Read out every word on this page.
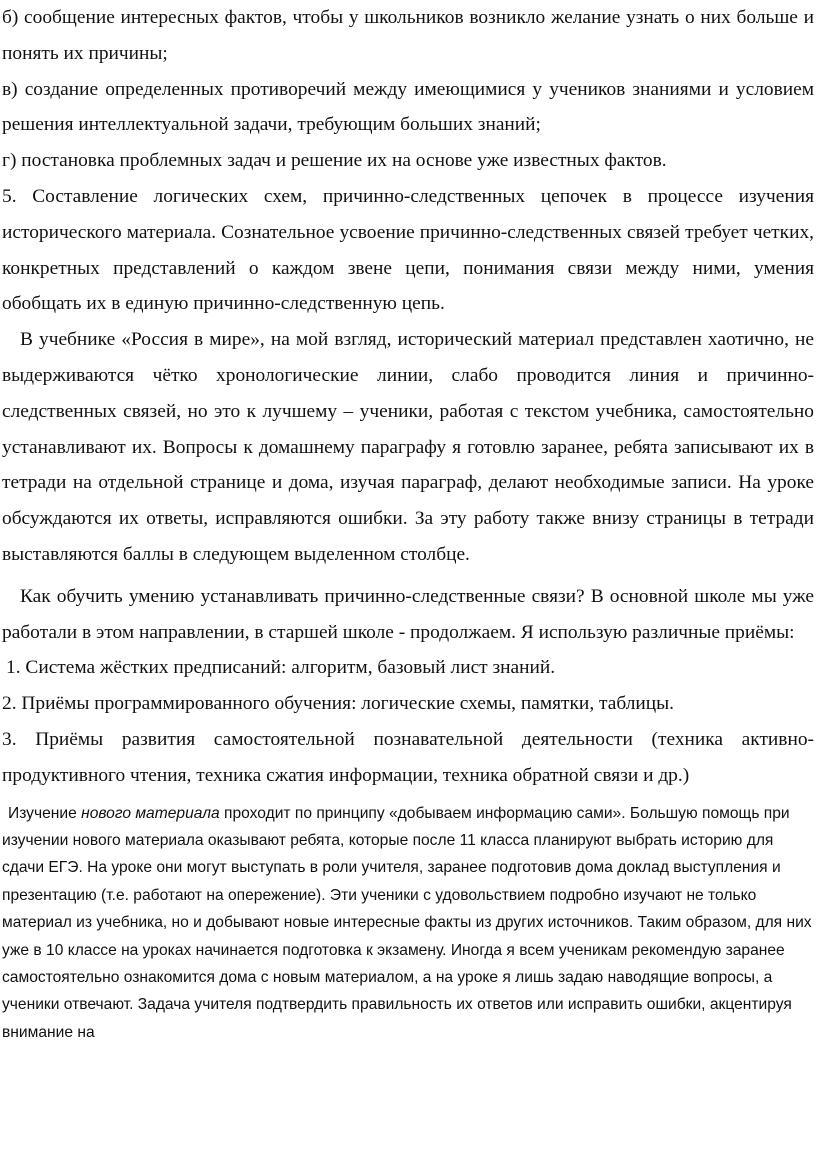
б) сообщение интересных фактов, чтобы у школьников возникло желание узнать о них больше и понять их причины;

в) создание определенных противоречий между имеющимися у учеников знаниями и условием решения интеллектуальной задачи, требующим больших знаний;

г) постановка проблемных задач и решение их на основе уже известных фактов.

5. Составление логических схем, причинно-следственных цепочек в процессе изучения исторического материала. Сознательное усвоение причинно-следственных связей требует четких, конкретных представлений о каждом звене цепи, понимания связи между ними, умения обобщать их в единую причинно-следственную цепь.

В учебнике «Россия в мире», на мой взгляд, исторический материал представлен хаотично, не выдерживаются чётко хронологические линии, слабо проводится линия и причинно-следственных связей, но это к лучшему – ученики, работая с текстом учебника, самостоятельно устанавливают их. Вопросы к домашнему параграфу я готовлю заранее, ребята записывают их в тетради на отдельной странице и дома, изучая параграф, делают необходимые записи. На уроке обсуждаются их ответы, исправляются ошибки. За эту работу также внизу страницы в тетради выставляются баллы в следующем выделенном столбце.

Как обучить умению устанавливать причинно-следственные связи? В основной школе мы уже работали в этом направлении, в старшей школе - продолжаем. Я использую различные приёмы:

1. Система жёстких предписаний: алгоритм, базовый лист знаний.

2. Приёмы программированного обучения: логические схемы, памятки, таблицы.

3. Приёмы развития самостоятельной познавательной деятельности (техника активно-продуктивного чтения, техника сжатия информации, техника обратной связи и др.)

Изучение нового материала проходит по принципу «добываем информацию сами». Большую помощь при изучении нового материала оказывают ребята, которые после 11 класса планируют выбрать историю для сдачи ЕГЭ. На уроке они могут выступать в роли учителя, заранее подготовив дома доклад выступления и презентацию (т.е. работают на опережение). Эти ученики с удовольствием подробно изучают не только материал из учебника, но и добывают новые интересные факты из других источников. Таким образом, для них уже в 10 классе на уроках начинается подготовка к экзамену. Иногда я всем ученикам рекомендую заранее самостоятельно ознакомится дома с новым материалом, а на уроке я лишь задаю наводящие вопросы, а ученики отвечают. Задача учителя подтвердить правильность их ответов или исправить ошибки, акцентируя внимание на
